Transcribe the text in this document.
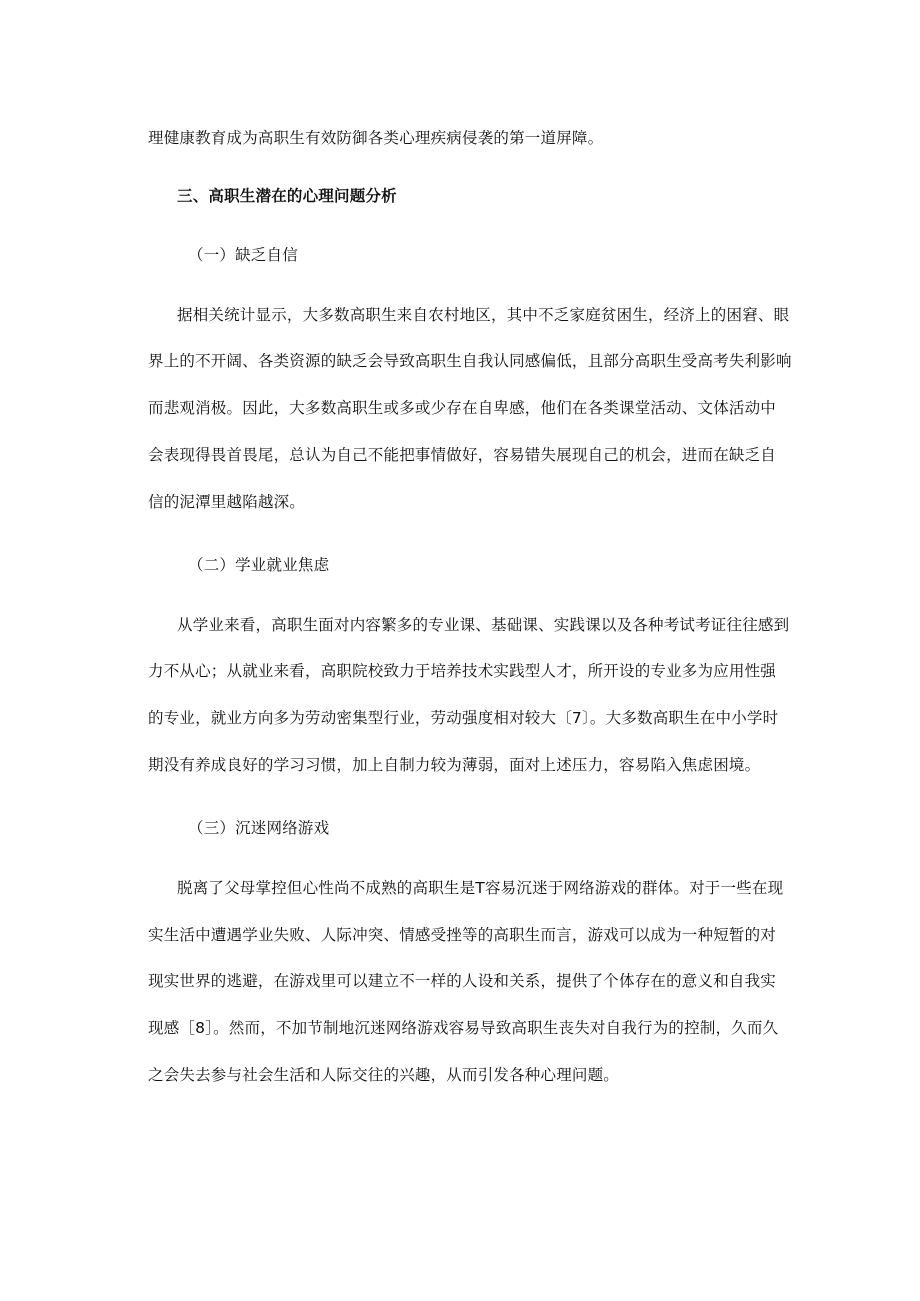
理健康教育成为高职生有效防御各类心理疾病侵袭的第一道屏障。
三、高职生潜在的心理问题分析
（一）缺乏自信
据相关统计显示，大多数高职生来自农村地区，其中不乏家庭贫困生，经济上的困窘、眼
界上的不开阔、各类资源的缺乏会导致高职生自我认同感偏低，且部分高职生受高考失利影响
而悲观消极。因此，大多数高职生或多或少存在自卑感，他们在各类课堂活动、文体活动中
会表现得畏首畏尾，总认为自己不能把事情做好，容易错失展现自己的机会，进而在缺乏自
信的泥潭里越陷越深。
（二）学业就业焦虑
从学业来看，高职生面对内容繁多的专业课、基础课、实践课以及各种考试考证往往感到
力不从心；从就业来看，高职院校致力于培养技术实践型人才，所开设的专业多为应用性强
的专业，就业方向多为劳动密集型行业，劳动强度相对较大〔7〕。大多数高职生在中小学时
期没有养成良好的学习习惯，加上自制力较为薄弱，面对上述压力，容易陷入焦虑困境。
（三）沉迷网络游戏
脱离了父母掌控但心性尚不成熟的高职生是T容易沉迷于网络游戏的群体。对于一些在现
实生活中遭遇学业失败、人际冲突、情感受挫等的高职生而言，游戏可以成为一种短暂的对
现实世界的逃避，在游戏里可以建立不一样的人设和关系，提供了个体存在的意义和自我实
现感［8］。然而，不加节制地沉迷网络游戏容易导致高职生丧失对自我行为的控制，久而久
之会失去参与社会生活和人际交往的兴趣，从而引发各种心理问题。
